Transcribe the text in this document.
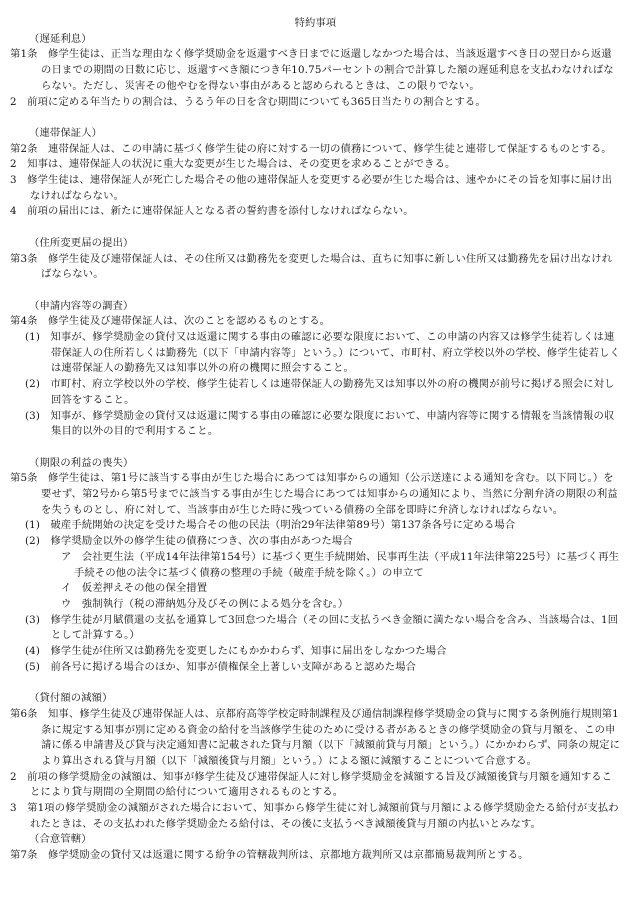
特約事項

（遅延利息）

第1条　修学生徒は、正当な理由なく修学奨励金を返還すべき日までに返還しなかつた場合は、当該返還すべき日の翌日から返還の日までの期間の日数に応じ、返還すべき額につき年10.75パーセントの割合で計算した額の遅延利息を支払わなければならない。ただし、災害その他やむを得ない事由があると認められるときは、この限りでない。

2　前項に定める年当たりの割合は、うるう年の日を含む期間についても365日当たりの割合とする。

（連帯保証人）

第2条　連帯保証人は、この申請に基づく修学生徒の府に対する一切の債務について、修学生徒と連帯して保証するものとする。

2　知事は、連帯保証人の状況に重大な変更が生じた場合は、その変更を求めることができる。

3　修学生徒は、連帯保証人が死亡した場合その他の連帯保証人を変更する必要が生じた場合は、速やかにその旨を知事に届け出なければならない。

4　前項の届出には、新たに連帯保証人となる者の誓約書を添付しなければならない。

（住所変更届の提出）

第3条　修学生徒及び連帯保証人は、その住所又は勤務先を変更した場合は、直ちに知事に新しい住所又は勤務先を届け出なければならない。

（申請内容等の調査）

第4条　修学生徒及び連帯保証人は、次のことを認めるものとする。

(1)　知事が、修学奨励金の貸付又は返還に関する事由の確認に必要な限度において、この申請の内容又は修学生徒若しくは連帯保証人の住所若しくは勤務先（以下「申請内容等」という。）について、市町村、府立学校以外の学校、修学生徒若しくは連帯保証人の勤務先又は知事以外の府の機関に照会すること。

(2)　市町村、府立学校以外の学校、修学生徒若しくは連帯保証人の勤務先又は知事以外の府の機関が前号に掲げる照会に対し回答をすること。

(3)　知事が、修学奨励金の貸付又は返還に関する事由の確認に必要な限度において、申請内容等に関する情報を当該情報の収集目的以外の目的で利用すること。

（期限の利益の喪失）

第5条　修学生徒は、第1号に該当する事由が生じた場合にあつては知事からの通知（公示送達による通知を含む。以下同じ。）を要せず、第2号から第5号までに該当する事由が生じた場合にあつては知事からの通知により、当然に分割弁済の期限の利益を失うものとし、府に対して、当該事由が生じた時に残つている債務の全部を即時に弁済しなければならない。

(1)　破産手続開始の決定を受けた場合その他の民法（明治29年法律第89号）第137条各号に定める場合

(2)　修学奨励金以外の修学生徒の債務につき、次の事由があつた場合

ア　会社更生法（平成14年法律第154号）に基づく更生手続開始、民事再生法（平成11年法律第225号）に基づく再生手続その他の法令に基づく債務の整理の手続（破産手続を除く。）の申立て

イ　仮差押えその他の保全措置

ウ　強制執行（税の滞納処分及びその例による処分を含む。）

(3)　修学生徒が月賦償還の支払を通算して3回怠つた場合（その回に支払うべき金額に満たない場合を含み、当該場合は、1回として計算する。）

(4)　修学生徒が住所又は勤務先を変更したにもかかわらず、知事に届出をしなかつた場合

(5)　前各号に掲げる場合のほか、知事が債権保全上著しい支障があると認めた場合

（貸付額の減額）

第6条　知事、修学生徒及び連帯保証人は、京都府高等学校定時制課程及び通信制課程修学奨励金の貸与に関する条例施行規則第1条に規定する知事が別に定める資金の給付を当該修学生徒のために受ける者があるときの修学奨励金の貸与月額を、この申請に係る申請書及び貸与決定通知書に記載された貸与月額（以下「減額前貸与月額」という。）にかかわらず、同条の規定により算出される貸与月額（以下「減額後貸与月額」という。）による額に減額することについて合意する。

2　前項の修学奨励金の減額は、知事が修学生徒及び連帯保証人に対し修学奨励金を減額する旨及び減額後貸与月額を通知することにより貸与期間の全期間の給付について適用されるものとする。

3　第1項の修学奨励金の減額がされた場合において、知事から修学生徒に対し減額前貸与月額による修学奨励金たる給付が支払われたときは、その支払われた修学奨励金たる給付は、その後に支払うべき減額後貸与月額の内払いとみなす。

（合意管轄）

第7条　修学奨励金の貸付又は返還に関する紛争の管轄裁判所は、京都地方裁判所又は京都簡易裁判所とする。
